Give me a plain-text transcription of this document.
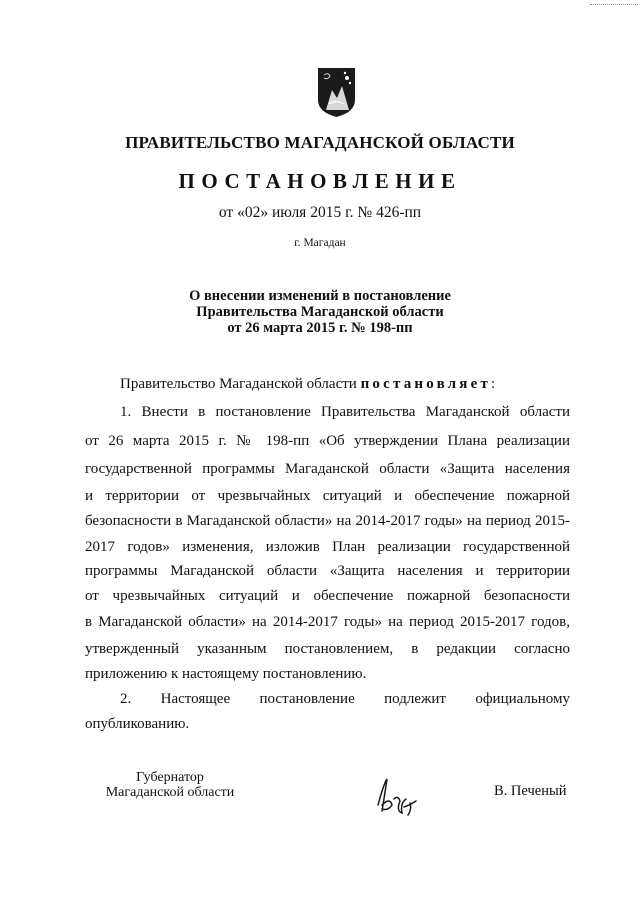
ПРАВИТЕЛЬСТВО МАГАДАНСКОЙ ОБЛАСТИ
ПОСТАНОВЛЕНИЕ
от «02» июля 2015 г. № 426-пп
г. Магадан
О внесении изменений в постановление
Правительства Магаданской области
от 26 марта 2015 г. № 198-пп
Правительство Магаданской области постановляет:
1. Внести в постановление Правительства Магаданской области
от 26 марта 2015 г. № 198-пп «Об утверждении Плана реализации
государственной программы Магаданской области «Защита населения
и территории от чрезвычайных ситуаций и обеспечение пожарной
безопасности в Магаданской области» на 2014-2017 годы» на период 2015-
2017 годов» изменения, изложив План реализации государственной
программы Магаданской области «Защита населения и территории
от чрезвычайных ситуаций и обеспечение пожарной безопасности
в Магаданской области» на 2014-2017 годы» на период 2015-2017 годов,
утвержденный указанным постановлением, в редакции согласно
приложению к настоящему постановлению.
2. Настоящее постановление подлежит официальному
опубликованию.
Губернатор
Магаданской области	В. Печеный
